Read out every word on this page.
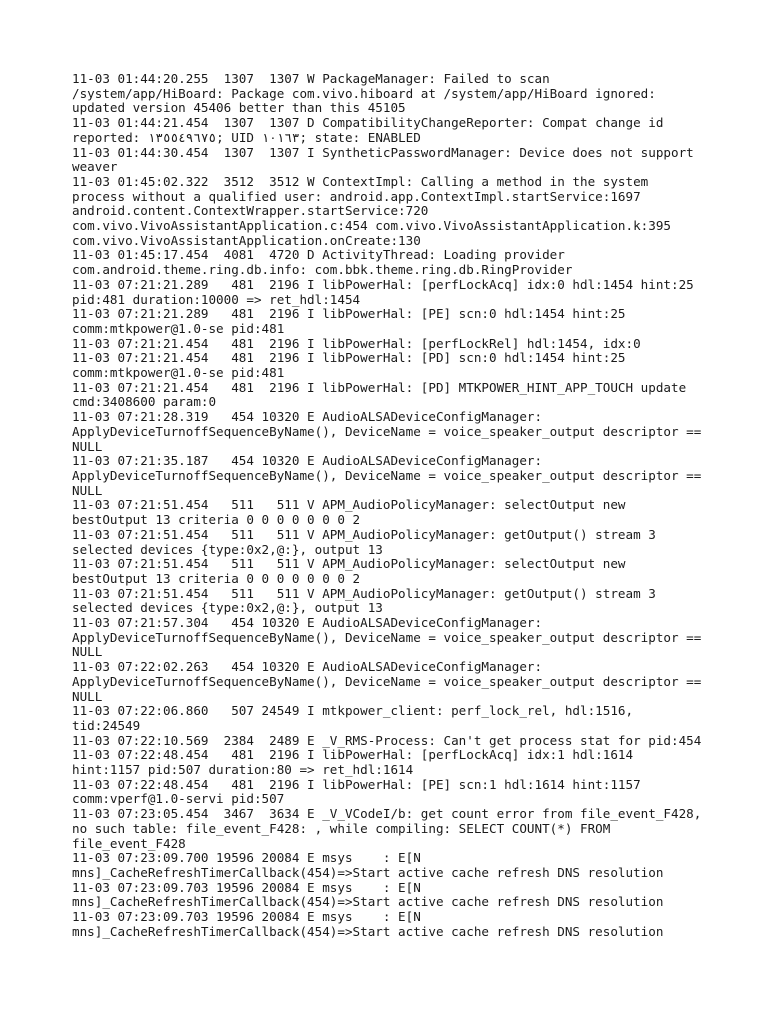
11-03 01:44:20.255  1307  1307 W PackageManager: Failed to scan
/system/app/HiBoard: Package com.vivo.hiboard at /system/app/HiBoard ignored:
updated version 45406 better than this 45105
11-03 01:44:21.454  1307  1307 D CompatibilityChangeReporter: Compat change id
reported: ١٣٥٥٤٩٦٧٥; UID ١٠١٦٣; state: ENABLED
11-03 01:44:30.454  1307  1307 I SyntheticPasswordManager: Device does not support
weaver
11-03 01:45:02.322  3512  3512 W ContextImpl: Calling a method in the system
process without a qualified user: android.app.ContextImpl.startService:1697
android.content.ContextWrapper.startService:720
com.vivo.VivoAssistantApplication.c:454 com.vivo.VivoAssistantApplication.k:395
com.vivo.VivoAssistantApplication.onCreate:130
11-03 01:45:17.454  4081  4720 D ActivityThread: Loading provider
com.android.theme.ring.db.info: com.bbk.theme.ring.db.RingProvider
11-03 07:21:21.289   481  2196 I libPowerHal: [perfLockAcq] idx:0 hdl:1454 hint:25
pid:481 duration:10000 => ret_hdl:1454
11-03 07:21:21.289   481  2196 I libPowerHal: [PE] scn:0 hdl:1454 hint:25
comm:mtkpower@1.0-se pid:481
11-03 07:21:21.454   481  2196 I libPowerHal: [perfLockRel] hdl:1454, idx:0
11-03 07:21:21.454   481  2196 I libPowerHal: [PD] scn:0 hdl:1454 hint:25
comm:mtkpower@1.0-se pid:481
11-03 07:21:21.454   481  2196 I libPowerHal: [PD] MTKPOWER_HINT_APP_TOUCH update
cmd:3408600 param:0
11-03 07:21:28.319   454 10320 E AudioALSADeviceConfigManager:
ApplyDeviceTurnoffSequenceByName(), DeviceName = voice_speaker_output descriptor ==
NULL
11-03 07:21:35.187   454 10320 E AudioALSADeviceConfigManager:
ApplyDeviceTurnoffSequenceByName(), DeviceName = voice_speaker_output descriptor ==
NULL
11-03 07:21:51.454   511   511 V APM_AudioPolicyManager: selectOutput new
bestOutput 13 criteria 0 0 0 0 0 0 0 2
11-03 07:21:51.454   511   511 V APM_AudioPolicyManager: getOutput() stream 3
selected devices {type:0x2,@:}, output 13
11-03 07:21:51.454   511   511 V APM_AudioPolicyManager: selectOutput new
bestOutput 13 criteria 0 0 0 0 0 0 0 2
11-03 07:21:51.454   511   511 V APM_AudioPolicyManager: getOutput() stream 3
selected devices {type:0x2,@:}, output 13
11-03 07:21:57.304   454 10320 E AudioALSADeviceConfigManager:
ApplyDeviceTurnoffSequenceByName(), DeviceName = voice_speaker_output descriptor ==
NULL
11-03 07:22:02.263   454 10320 E AudioALSADeviceConfigManager:
ApplyDeviceTurnoffSequenceByName(), DeviceName = voice_speaker_output descriptor ==
NULL
11-03 07:22:06.860   507 24549 I mtkpower_client: perf_lock_rel, hdl:1516,
tid:24549
11-03 07:22:10.569  2384  2489 E _V_RMS-Process: Can't get process stat for pid:454
11-03 07:22:48.454   481  2196 I libPowerHal: [perfLockAcq] idx:1 hdl:1614
hint:1157 pid:507 duration:80 => ret_hdl:1614
11-03 07:22:48.454   481  2196 I libPowerHal: [PE] scn:1 hdl:1614 hint:1157
comm:vperf@1.0-servi pid:507
11-03 07:23:05.454  3467  3634 E _V_VCodeI/b: get count error from file_event_F428,
no such table: file_event_F428: , while compiling: SELECT COUNT(*) FROM
file_event_F428
11-03 07:23:09.700 19596 20084 E msys    : E[N
mns]_CacheRefreshTimerCallback(454)=>Start active cache refresh DNS resolution
11-03 07:23:09.703 19596 20084 E msys    : E[N
mns]_CacheRefreshTimerCallback(454)=>Start active cache refresh DNS resolution
11-03 07:23:09.703 19596 20084 E msys    : E[N
mns]_CacheRefreshTimerCallback(454)=>Start active cache refresh DNS resolution
